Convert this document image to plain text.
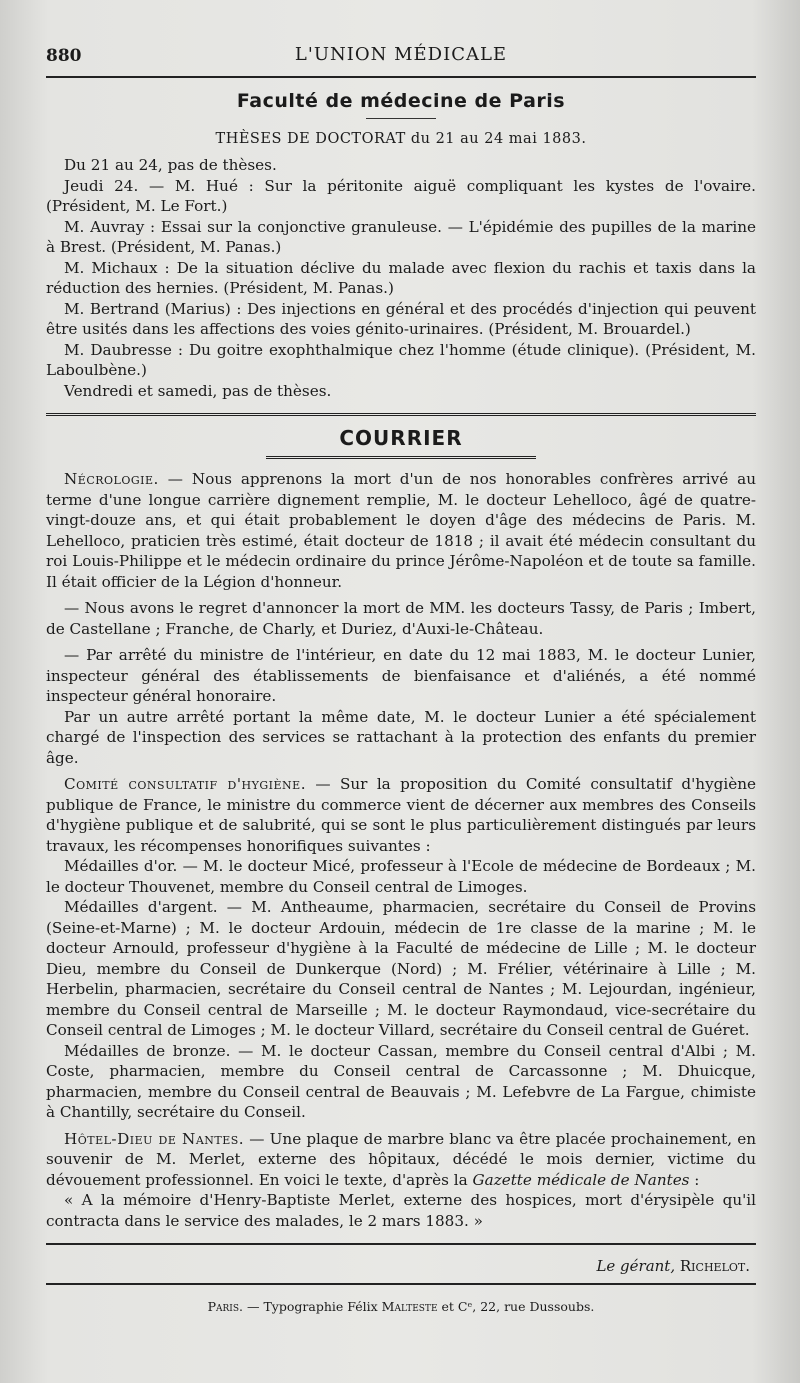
880	L'UNION MÉDICALE
Faculté de médecine de Paris
THÈSES DE DOCTORAT du 21 au 24 mai 1883.

Du 21 au 24, pas de thèses.

Jeudi 24. — M. Hué : Sur la péritonite aiguë compliquant les kystes de l'ovaire. (Président, M. Le Fort.)

M. Auvray : Essai sur la conjonctive granuleuse. — L'épidémie des pupilles de la marine à Brest. (Président, M. Panas.)

M. Michaux : De la situation déclive du malade avec flexion du rachis et taxis dans la réduction des hernies. (Président, M. Panas.)

M. Bertrand (Marius) : Des injections en général et des procédés d'injection qui peuvent être usités dans les affections des voies génito-urinaires. (Président, M. Brouardel.)

M. Daubresse : Du goitre exophthalmique chez l'homme (étude clinique). (Président, M. Laboulbène.)

Vendredi et samedi, pas de thèses.

COURRIER

Nécrologie. — Nous apprenons la mort d'un de nos honorables confrères arrivé au terme d'une longue carrière dignement remplie, M. le docteur Lehelloco, âgé de quatre-vingt-douze ans, et qui était probablement le doyen d'âge des médecins de Paris. M. Lehelloco, praticien très estimé, était docteur de 1818 ; il avait été médecin consultant du roi Louis-Philippe et le médecin ordinaire du prince Jérôme-Napoléon et de toute sa famille. Il était officier de la Légion d'honneur.

— Nous avons le regret d'annoncer la mort de MM. les docteurs Tassy, de Paris ; Imbert, de Castellane ; Franche, de Charly, et Duriez, d'Auxi-le-Château.

— Par arrêté du ministre de l'intérieur, en date du 12 mai 1883, M. le docteur Lunier, inspecteur général des établissements de bienfaisance et d'aliénés, a été nommé inspecteur général honoraire.

Par un autre arrêté portant la même date, M. le docteur Lunier a été spécialement chargé de l'inspection des services se rattachant à la protection des enfants du premier âge.

Comité consultatif d'hygiène. — Sur la proposition du Comité consultatif d'hygiène publique de France, le ministre du commerce vient de décerner aux membres des Conseils d'hygiène publique et de salubrité, qui se sont le plus particulièrement distingués par leurs travaux, les récompenses honorifiques suivantes :

Médailles d'or. — M. le docteur Micé, professeur à l'Ecole de médecine de Bordeaux ; M. le docteur Thouvenet, membre du Conseil central de Limoges.

Médailles d'argent. — M. Antheaume, pharmacien, secrétaire du Conseil de Provins (Seine-et-Marne) ; M. le docteur Ardouin, médecin de 1re classe de la marine ; M. le docteur Arnould, professeur d'hygiène à la Faculté de médecine de Lille ; M. le docteur Dieu, membre du Conseil de Dunkerque (Nord) ; M. Frélier, vétérinaire à Lille ; M. Herbelin, pharmacien, secrétaire du Conseil central de Nantes ; M. Lejourdan, ingénieur, membre du Conseil central de Marseille ; M. le docteur Raymondaud, vice-secrétaire du Conseil central de Limoges ; M. le docteur Villard, secrétaire du Conseil central de Guéret.

Médailles de bronze. — M. le docteur Cassan, membre du Conseil central d'Albi ; M. Coste, pharmacien, membre du Conseil central de Carcassonne ; M. Dhuicque, pharmacien, membre du Conseil central de Beauvais ; M. Lefebvre de La Fargue, chimiste à Chantilly, secrétaire du Conseil.

Hôtel-Dieu de Nantes. — Une plaque de marbre blanc va être placée prochainement, en souvenir de M. Merlet, externe des hôpitaux, décédé le mois dernier, victime du dévouement professionnel. En voici le texte, d'après la Gazette médicale de Nantes :

« A la mémoire d'Henry-Baptiste Merlet, externe des hospices, mort d'érysipèle qu'il contracta dans le service des malades, le 2 mars 1883. »

Le gérant, Richelot.
Paris. — Typographie Félix Malteste et Cᵉ, 22, rue Dussoubs.
